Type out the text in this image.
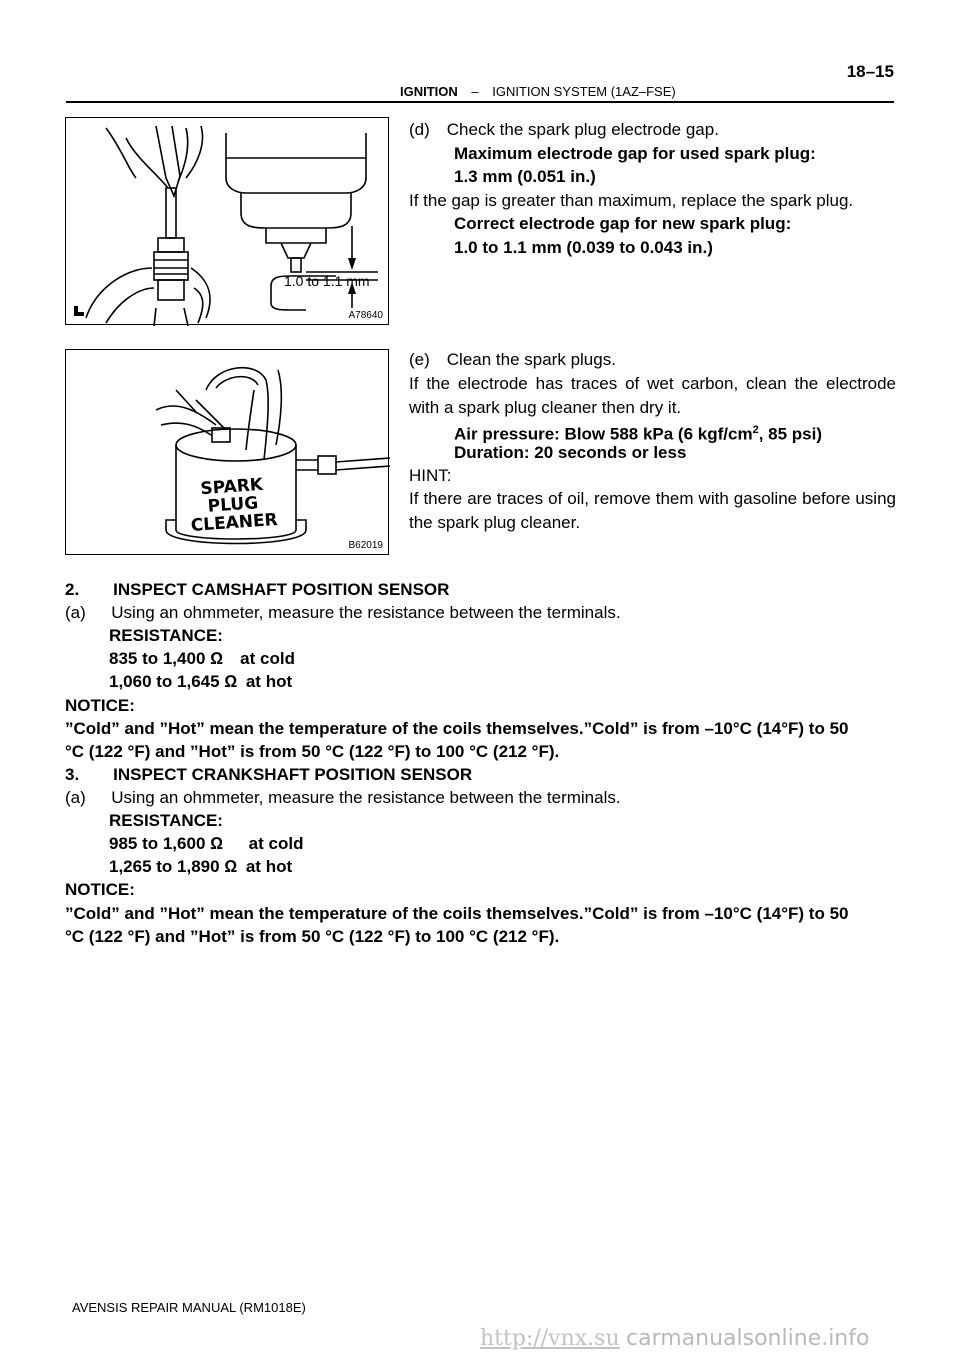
18–15
IGNITION – IGNITION SYSTEM (1AZ–FSE)
1.0 to 1.1 mm
A78640
SPARK PLUG CLEANER
B62019
(d) Check the spark plug electrode gap.
Maximum electrode gap for used spark plug:
1.3 mm (0.051 in.)
If the gap is greater than maximum, replace the spark plug.
Correct electrode gap for new spark plug:
1.0 to 1.1 mm (0.039 to 0.043 in.)
(e) Clean the spark plugs.
If the electrode has traces of wet carbon, clean the electrode with a spark plug cleaner then dry it.
Air pressure: Blow 588 kPa (6 kgf/$cm^2$, 85 psi)
Duration: 20 seconds or less
HINT:
If there are traces of oil, remove them with gasoline before using the spark plug cleaner.
2.  INSPECT CAMSHAFT POSITION SENSOR
(a)  Using an ohmmeter, measure the resistance between the terminals.
RESISTANCE:
835 to 1,400 Ω at cold
1,060 to 1,645 Ω at hot
NOTICE:
”Cold” and ”Hot” mean the temperature of the coils themselves.”Cold” is from –10°C (14°F) to 50
°C (122 °F) and ”Hot” is from 50 °C (122 °F) to 100 °C (212 °F).
3.  INSPECT CRANKSHAFT POSITION SENSOR
(a)  Using an ohmmeter, measure the resistance between the terminals.
RESISTANCE:
985 to 1,600 Ω  at cold
1,265 to 1,890 Ω at hot
NOTICE:
”Cold” and ”Hot” mean the temperature of the coils themselves.”Cold” is from –10°C (14°F) to 50
°C (122 °F) and ”Hot” is from 50 °C (122 °F) to 100 °C (212 °F).
AVENSIS REPAIR MANUAL (RM1018E)
http://vnx.su carmanualsonline.info
